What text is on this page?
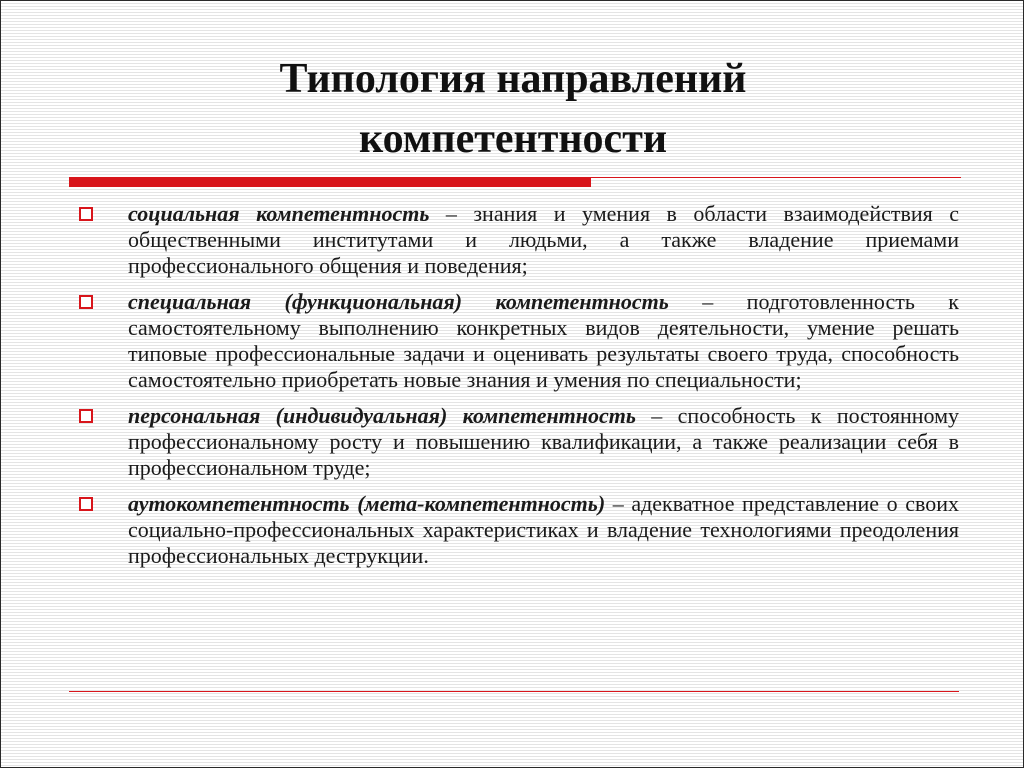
Типология направлений
компетентности
социальная компетентность – знания и умения в области взаимодействия с общественными институтами и людьми, а также владение приемами профессионального общения и поведения;
специальная (функциональная) компетентность – подготовленность к самостоятельному выполнению конкретных видов деятельности, умение решать типовые профессиональные задачи и оценивать результаты своего труда, способность самостоятельно приобретать новые знания и умения по специальности;
персональная (индивидуальная) компетентность – способность к постоянному профессиональному росту и повышению квалификации, а также реализации себя в профессиональном труде;
аутокомпетентность (мета-компетентность) – адекватное представление о своих социально-профессиональных характеристиках и владение технологиями преодоления профессиональных деструкции.
